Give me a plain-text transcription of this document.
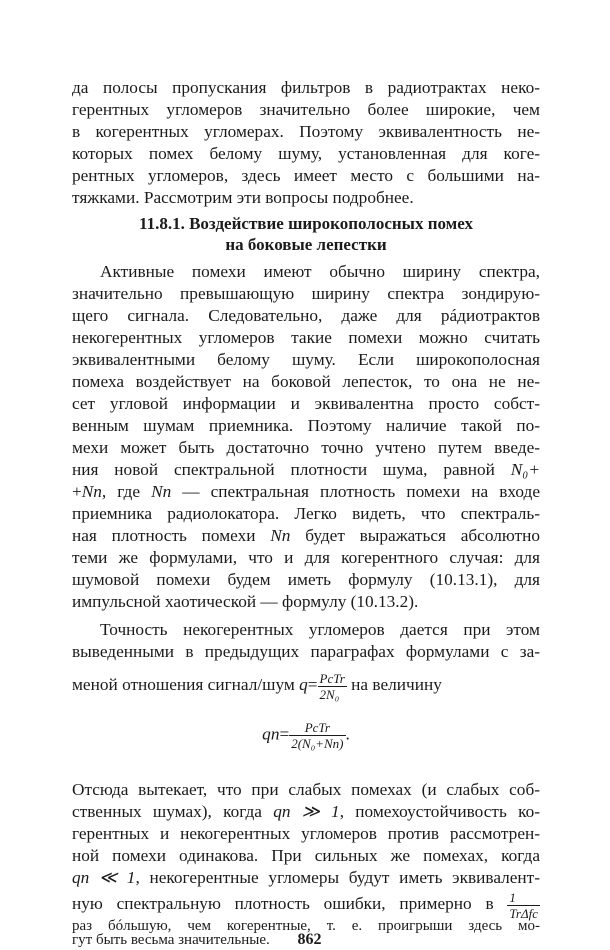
да полосы пропускания фильтров в радиотрактах неко-
герентных угломеров значительно более широкие, чем
в когерентных угломерах. Поэтому эквивалентность не-
которых помех белому шуму, установленная для коге-
рентных угломеров, здесь имеет место с большими на-
тяжками. Рассмотрим эти вопросы подробнее.
11.8.1. Воздействие широкополосных помех
на боковые лепестки
Активные помехи имеют обычно ширину спектра,
значительно превышающую ширину спектра зондирую-
щего сигнала. Следовательно, даже для рáдиотрактов
некогерентных угломеров такие помехи можно считать
эквивалентными белому шуму. Если широкополосная
помеха воздействует на боковой лепесток, то она не не-
сет угловой информации и эквивалентна просто собст-
венным шумам приемника. Поэтому наличие такой по-
мехи может быть достаточно точно учтено путем введе-
ния новой спектральной плотности шума, равной N₀+
+Nп, где Nп — спектральная плотность помехи на входе
приемника радиолокатора. Легко видеть, что спектраль-
ная плотность помехи Nп будет выражаться абсолютно
теми же формулами, что и для когерентного случая: для
шумовой помехи будем иметь формулу (10.13.1), для
импульсной хаотической — формулу (10.13.2).
Точность некогерентных угломеров дается при этом
выведенными в предыдущих параграфах формулами с за-
меной отношения сигнал/шум $q= \frac{\text{PcTr}}{\text{2N₀}}$ на величину
$qп= \frac{\text{PcTr}}{\text{2(N₀+Nп)}}$ .
Отсюда вытекает, что при слабых помехах (и слабых соб-
ственных шумах), когда qп ≫ 1, помехоустойчивость ко-
герентных и некогерентных угломеров против рассмотрен-
ной помехи одинакова. При сильных же помехах, когда
qп ≪ 1, некогерентные угломеры будут иметь эквивалент-
ную спектральную плотность ошибки, примерно в $\frac{1}{\text{TrΔfc}}$
раз бóльшую, чем когерентные, т. е. проигрыши здесь мо-
гут быть весьма значительные. 862
